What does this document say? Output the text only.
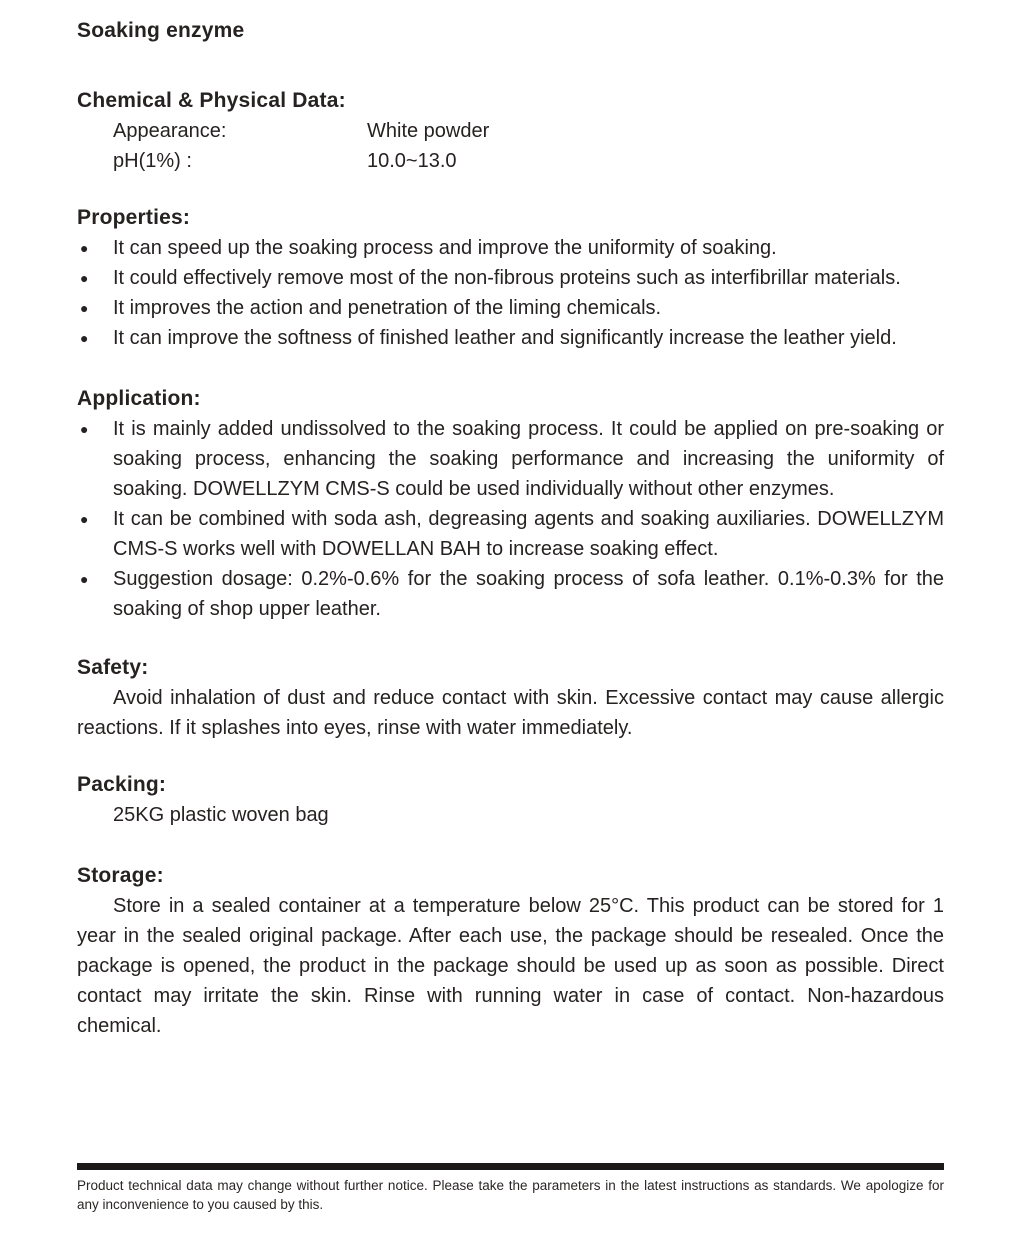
Soaking enzyme
Chemical & Physical Data:
Appearance:	White powder
pH(1%) :	10.0~13.0
Properties:
● It can speed up the soaking process and improve the uniformity of soaking.
● It could effectively remove most of the non-fibrous proteins such as interfibrillar materials.
● It improves the action and penetration of the liming chemicals.
● It can improve the softness of finished leather and significantly increase the leather yield.
Application:
● It is mainly added undissolved to the soaking process. It could be applied on pre-soaking or soaking process, enhancing the soaking performance and increasing the uniformity of soaking. DOWELLZYM CMS-S could be used individually without other enzymes.
● It can be combined with soda ash, degreasing agents and soaking auxiliaries. DOWELLZYM CMS-S works well with DOWELLAN BAH to increase soaking effect.
● Suggestion dosage: 0.2%-0.6% for the soaking process of sofa leather. 0.1%-0.3% for the soaking of shop upper leather.
Safety:

Avoid inhalation of dust and reduce contact with skin. Excessive contact may cause allergic reactions. If it splashes into eyes, rinse with water immediately.

Packing:

25KG plastic woven bag

Storage:

Store in a sealed container at a temperature below 25°C. This product can be stored for 1 year in the sealed original package. After each use, the package should be resealed. Once the package is opened, the product in the package should be used up as soon as possible. Direct contact may irritate the skin. Rinse with running water in case of contact. Non-hazardous chemical.

Product technical data may change without further notice. Please take the parameters in the latest instructions as standards. We apologize for any inconvenience to you caused by this.
